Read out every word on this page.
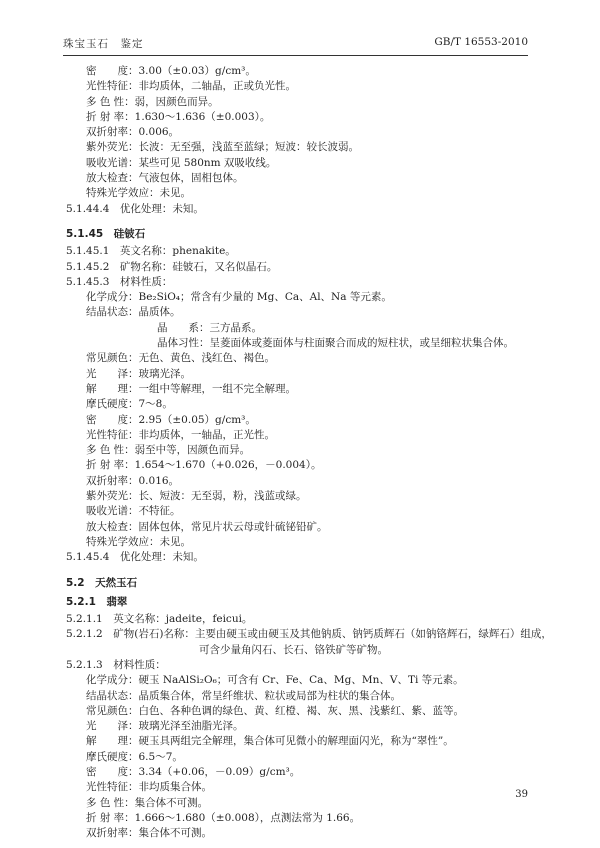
珠宝玉石　鉴定	GB/T 16553-2010
密　　度：3.00（±0.03）g/cm³。
光性特征：非均质体，二轴晶，正或负光性。
多 色 性：弱，因颜色而异。
折 射 率：1.630～1.636（±0.003）。
双折射率：0.006。
紫外荧光：长波：无至强，浅蓝至蓝绿；短波：较长波弱。
吸收光谱：某些可见 580nm 双吸收线。
放大检查：气液包体，固相包体。
特殊光学效应：未见。
5.1.44.4　优化处理：未知。
5.1.45　硅铍石
5.1.45.1　英文名称：phenakite。
5.1.45.2　矿物名称：硅铍石，又名似晶石。
5.1.45.3　材料性质：
化学成分：Be₂SiO₄；常含有少量的 Mg、Ca、Al、Na 等元素。
结晶状态：晶质体。
晶　　系：三方晶系。
晶体习性：呈菱面体或菱面体与柱面聚合而成的短柱状，或呈细粒状集合体。
常见颜色：无色、黄色、浅红色、褐色。
光　　泽：玻璃光泽。
解　　理：一组中等解理，一组不完全解理。
摩氏硬度：7～8。
密　　度：2.95（±0.05）g/cm³。
光性特征：非均质体，一轴晶，正光性。
多 色 性：弱至中等，因颜色而异。
折 射 率：1.654～1.670（+0.026，－0.004）。
双折射率：0.016。
紫外荧光：长、短波：无至弱，粉，浅蓝或绿。
吸收光谱：不特征。
放大检查：固体包体，常见片状云母或针硫铋铅矿。
特殊光学效应：未见。
5.1.45.4　优化处理：未知。
5.2　天然玉石
5.2.1　翡翠
5.2.1.1　英文名称：jadeite，feicui。
5.2.1.2　矿物(岩石)名称：主要由硬玉或由硬玉及其他钠质、钠钙质辉石（如钠铬辉石，绿辉石）组成，
可含少量角闪石、长石、铬铁矿等矿物。
5.2.1.3　材料性质：
化学成分：硬玉 NaAlSi₂O₆；可含有 Cr、Fe、Ca、Mg、Mn、V、Ti 等元素。
结晶状态：晶质集合体，常呈纤维状、粒状或局部为柱状的集合体。
常见颜色：白色、各种色调的绿色、黄、红橙、褐、灰、黑、浅紫红、紫、蓝等。
光　　泽：玻璃光泽至油脂光泽。
解　　理：硬玉具两组完全解理，集合体可见微小的解理面闪光，称为“翠性”。
摩氏硬度：6.5～7。
密　　度：3.34（+0.06，－0.09）g/cm³。
光性特征：非均质集合体。
多 色 性：集合体不可测。
折 射 率：1.666～1.680（±0.008），点测法常为 1.66。
双折射率：集合体不可测。
39
